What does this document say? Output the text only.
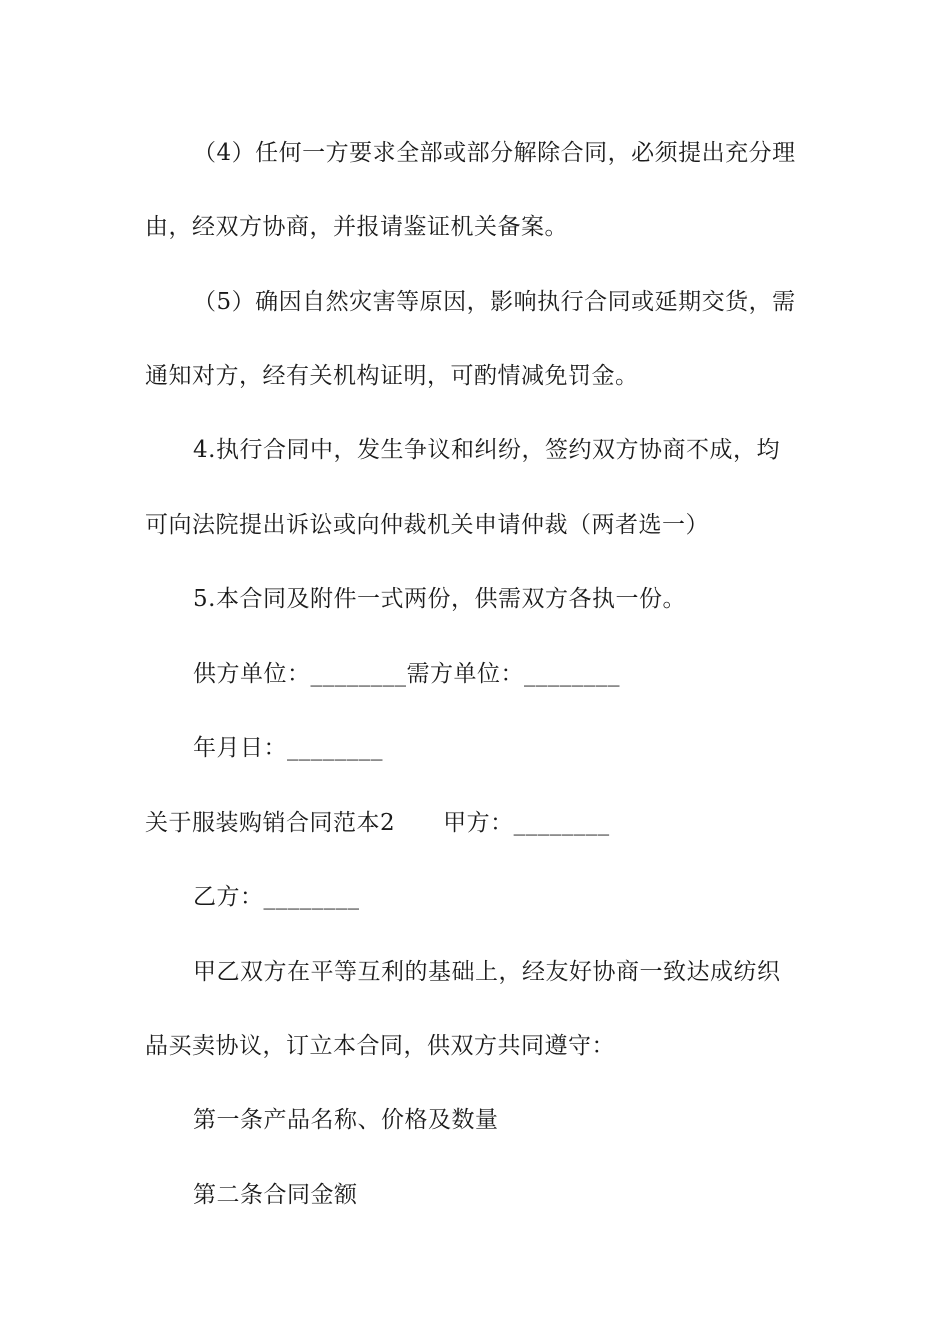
（4）任何一方要求全部或部分解除合同，必须提出充分理
由，经双方协商，并报请鉴证机关备案。
（5）确因自然灾害等原因，影响执行合同或延期交货，需
通知对方，经有关机构证明，可酌情减免罚金。
4.执行合同中，发生争议和纠纷，签约双方协商不成，均
可向法院提出诉讼或向仲裁机关申请仲裁（两者选一）
5.本合同及附件一式两份，供需双方各执一份。
供方单位：________需方单位：________
年月日：________
关于服装购销合同范本2 甲方：________
乙方：________
甲乙双方在平等互利的基础上，经友好协商一致达成纺织
品买卖协议，订立本合同，供双方共同遵守：
第一条产品名称、价格及数量
第二条合同金额
